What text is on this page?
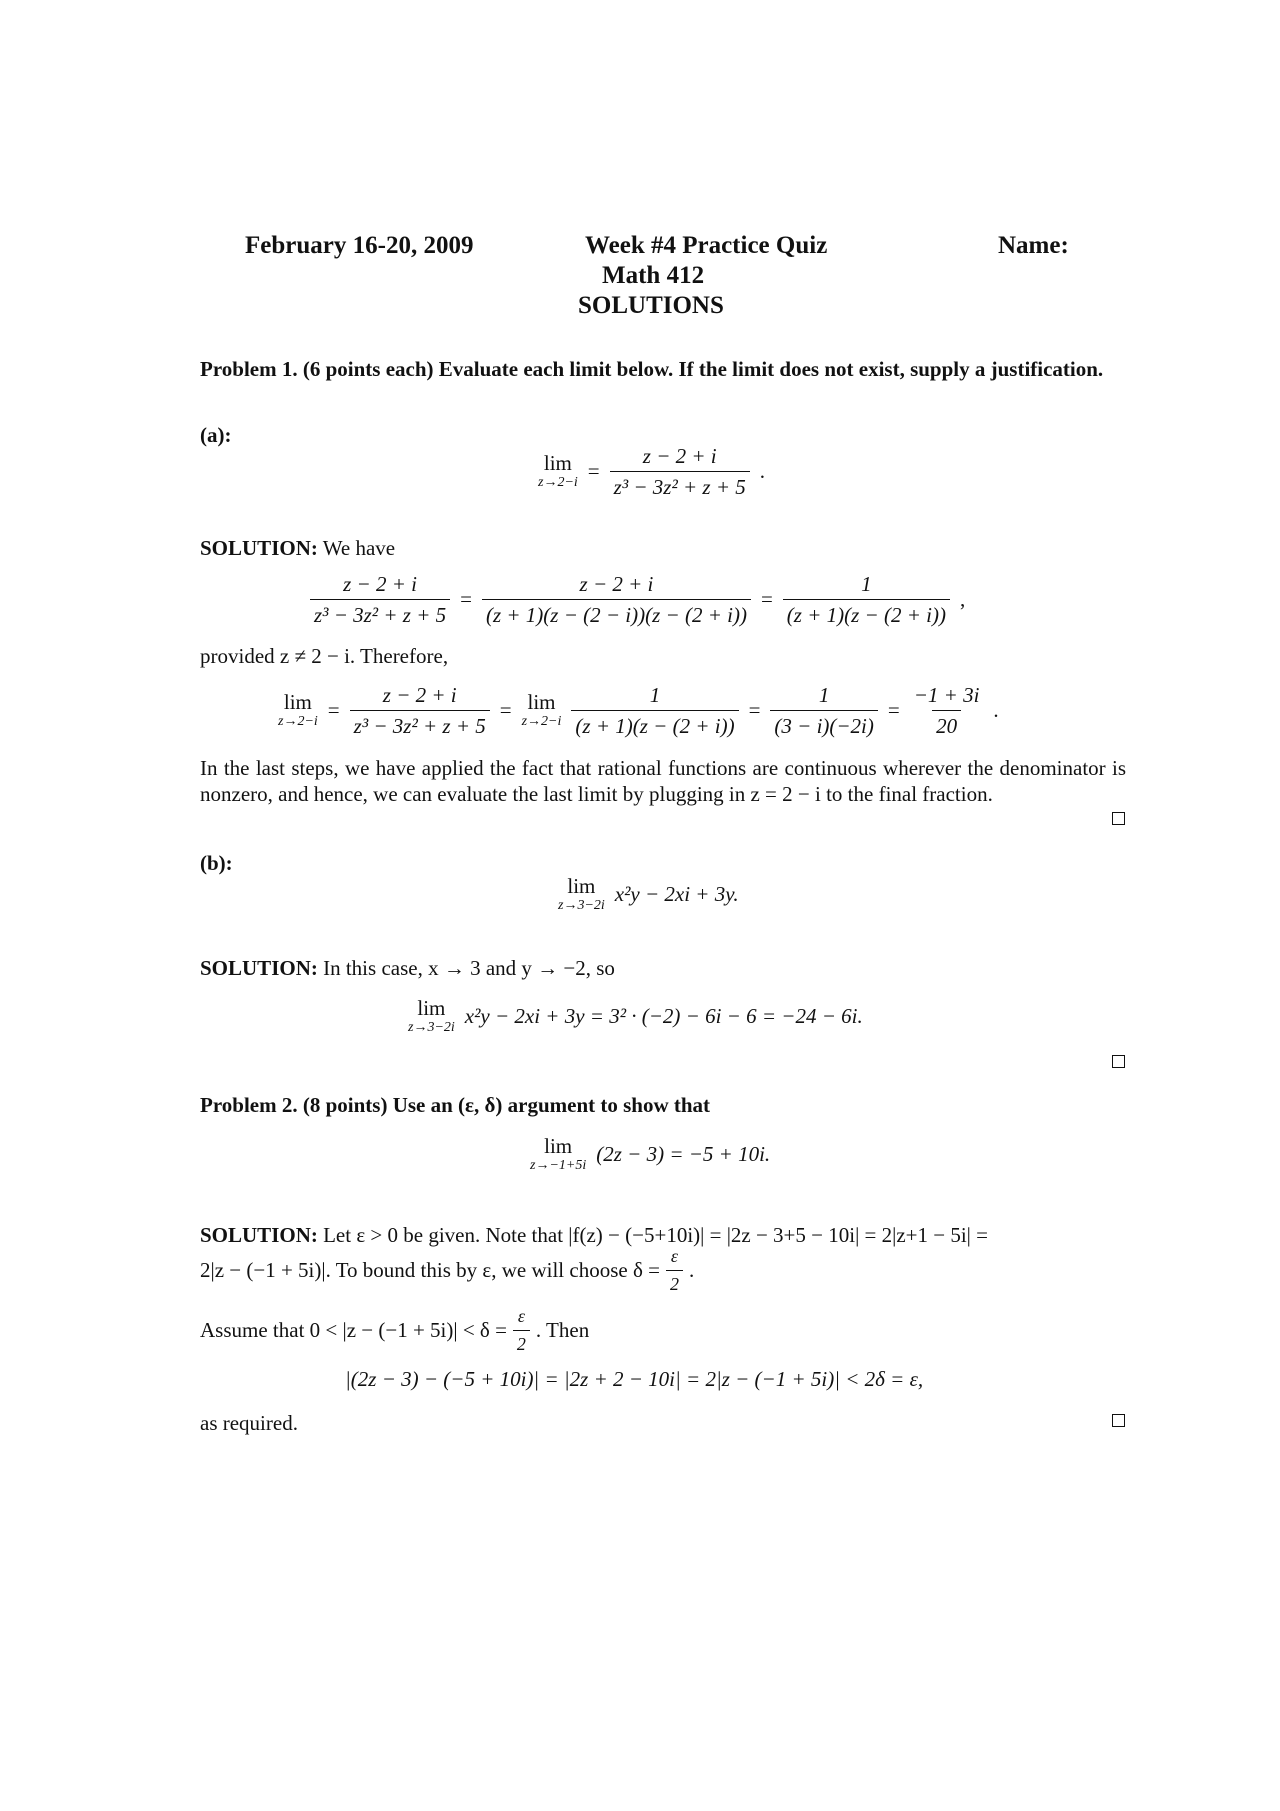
February 16-20, 2009	Week #4 Practice Quiz
Math 412
SOLUTIONS
Name:
Problem 1. (6 points each) Evaluate each limit below. If the limit does not exist, supply a justification.
(a):
lim
$z\to 2-i = \frac{z - 2 + i}{\text{z³ − 3z² + z + 5}}$ .
SOLUTION: We have
$\frac{z - 2 + i}{\text{z³ − 3z² + z + 5}} = \frac{z - 2 + i}{(z + 1)(z - (2 - i))(z - (2 + i))} = \frac{1}{(z + 1)(z - (2 + i))}$ ,
provided z ≠ 2 − i. Therefore,
lim
$z\to 2-i = \frac{z - 2 + i}{\text{z³ − 3z² + z + 5}} = \lim$
$z\to 2-i \frac{1}{(z + 1)(z - (2 + i))} = \frac{1}{(3 - i)(-2i)} = \frac{-1 + 3i}{20}$ .
In the last steps, we have applied the fact that rational functions are continuous wherever the denominator is nonzero, and hence, we can evaluate the last limit by plugging in z = 2 − i to the final fraction.
(b):
lim
z→3−2i x²y − 2xi + 3y.
SOLUTION: In this case, x → 3 and y → −2, so
lim
z→3−2i x²y − 2xi + 3y = 3² · (−2) − 6i − 6 = −24 − 6i.
Problem 2. (8 points) Use an (ε, δ) argument to show that
lim
z→−1+5i (2z − 3) = −5 + 10i.
SOLUTION: Let ε > 0 be given. Note that |f(z) − (−5+10i)| = |2z − 3+5 − 10i| = 2|z+1 − 5i| =
2|z − (−1 + 5i)|. To bound this by ε, we will choose $\delta = \frac{\varepsilon}{2}$ .
Assume that $0 < |z - (-1 + 5i)| < \delta = \frac{\varepsilon}{2}$ . Then
|(2z − 3) − (−5 + 10i)| = |2z + 2 − 10i| = 2|z − (−1 + 5i)| < 2δ = ε,
as required.
